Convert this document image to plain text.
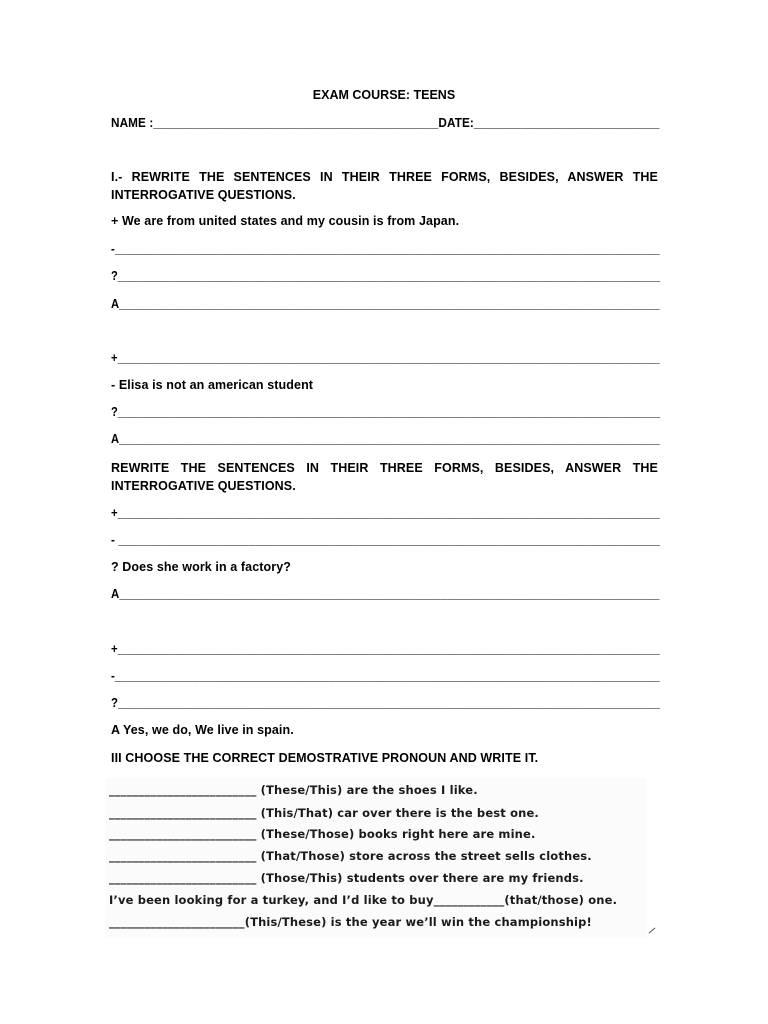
EXAM COURSE: TEENS
NAME :___________________________________________DATE:____________________________
I.- REWRITE THE SENTENCES IN THEIR THREE FORMS, BESIDES, ANSWER THE INTERROGATIVE QUESTIONS.
+ We are from united states and my cousin is from Japan.
-_____________________________________________________________________________________
?______________________________________________________________________________________
A______________________________________________________________________________________
+______________________________________________________________________________________
- Elisa is not an american student
?______________________________________________________________________________________
A______________________________________________________________________________________
REWRITE THE SENTENCES IN THEIR THREE FORMS, BESIDES, ANSWER THE INTERROGATIVE QUESTIONS.
+____________________________________________________________________________________
- ___________________________________________________________________________________
? Does she work in a factory?
A____________________________________________________________________________________
+____________________________________________________________________________________
-____________________________________________________________________________________
?____________________________________________________________________________________
A Yes, we do, We live in spain.
III CHOOSE THE CORRECT DEMOSTRATIVE PRONOUN AND WRITE IT.
_________________________ (These/This) are the shoes I like.
_________________________ (This/That) car over there is the best one.
_________________________ (These/Those) books right here are mine.
_________________________ (That/Those) store across the street sells clothes.
_________________________ (Those/This) students over there are my friends.
I’ve been looking for a turkey, and I’d like to buy____________(that/those) one.
_______________________(This/These) is the year we’ll win the championship!
